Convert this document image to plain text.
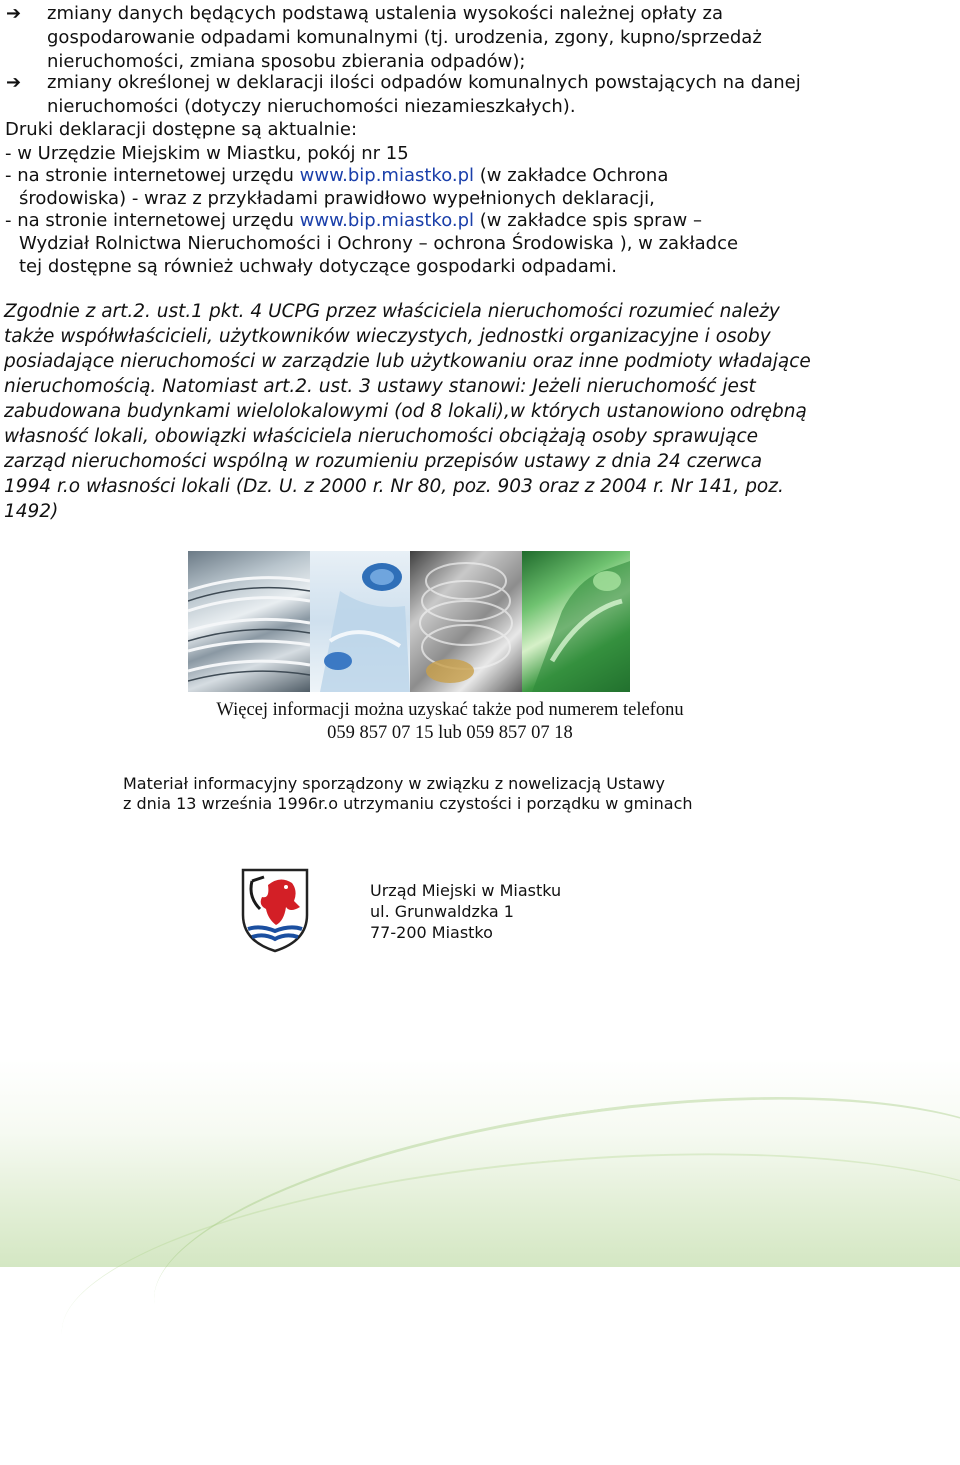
➔ zmiany danych będących podstawą ustalenia wysokości należnej opłaty za
gospodarowanie odpadami komunalnymi (tj. urodzenia, zgony, kupno/sprzedaż
nieruchomości, zmiana sposobu zbierania odpadów);
➔ zmiany określonej w deklaracji ilości odpadów komunalnych powstających na danej
nieruchomości (dotyczy nieruchomości niezamieszkałych).
Druki deklaracji dostępne są aktualnie:
- w Urzędzie Miejskim w Miastku, pokój nr 15
- na stronie internetowej urzędu www.bip.miastko.pl (w zakładce Ochrona
środowiska) - wraz z przykładami prawidłowo wypełnionych deklaracji,
- na stronie internetowej urzędu www.bip.miastko.pl (w zakładce spis spraw –
Wydział Rolnictwa Nieruchomości i Ochrony – ochrona Środowiska ), w zakładce
tej dostępne są również uchwały dotyczące gospodarki odpadami.
Zgodnie z art.2. ust.1 pkt. 4 UCPG przez właściciela nieruchomości rozumieć należy
także współwłaścicieli, użytkowników wieczystych, jednostki organizacyjne i osoby
posiadające nieruchomości w zarządzie lub użytkowaniu oraz inne podmioty władające
nieruchomością. Natomiast art.2. ust. 3 ustawy stanowi: Jeżeli nieruchomość jest
zabudowana budynkami wielolokalowymi (od 8 lokali),w których ustanowiono odrębną
własność lokali, obowiązki właściciela nieruchomości obciążają osoby sprawujące
zarząd nieruchomości wspólną w rozumieniu przepisów ustawy z dnia 24 czerwca
1994 r.o własności lokali (Dz. U. z 2000 r. Nr 80, poz. 903 oraz z 2004 r. Nr 141, poz.
1492)
Więcej informacji można uzyskać także pod numerem telefonu
059 857 07 15 lub 059 857 07 18
Materiał informacyjny sporządzony w związku z nowelizacją Ustawy
z dnia 13 września 1996r.o utrzymaniu czystości i porządku w gminach
Urząd Miejski w Miastku
ul. Grunwaldzka 1
77-200 Miastko
